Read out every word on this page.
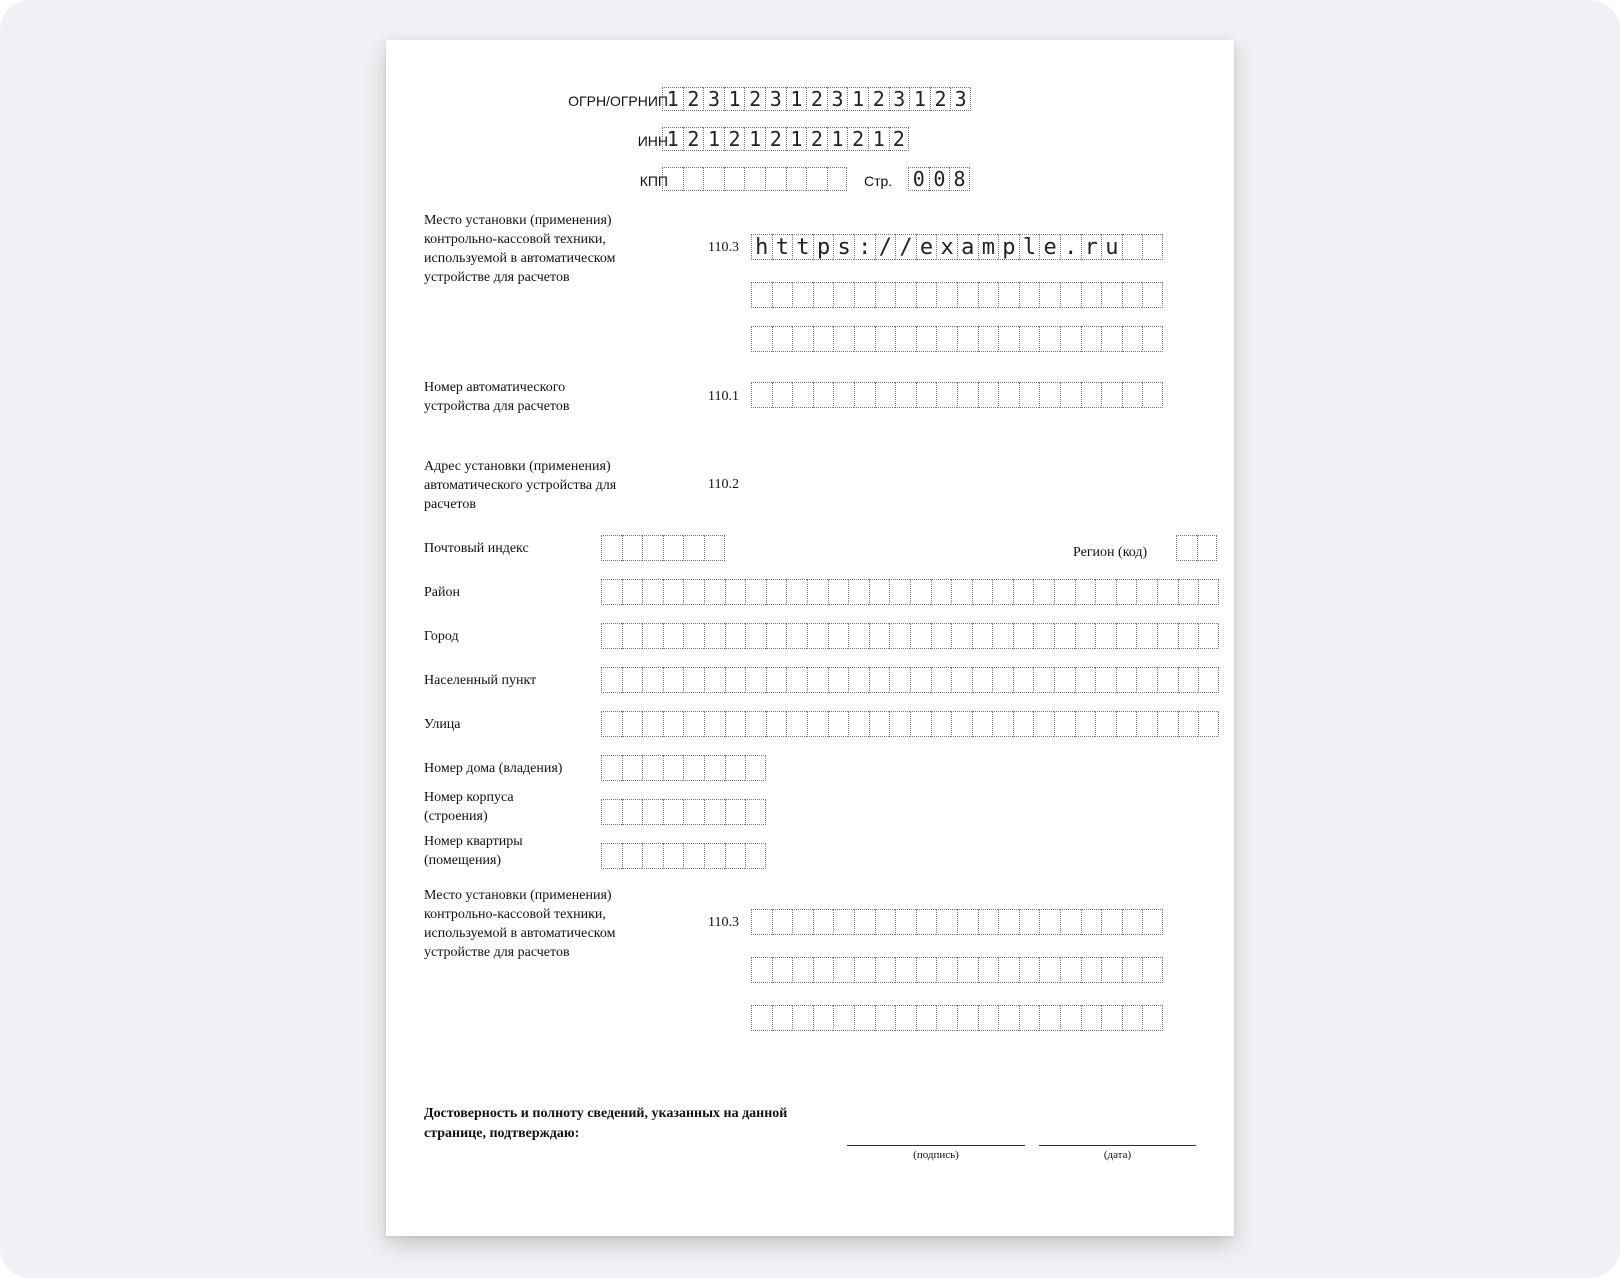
ОГРН/ОГРНИП
1 2 3 1 2 3 1 2 3 1 2 3 1 2 3
ИНН
1 2 1 2 1 2 1 2 1 2 1 2
КПП	Стр. 0 0 8
Место установки (применения) контрольно-кассовой техники, используемой в автоматическом устройстве для расчетов
110.3 h t t p s : / / e x a m p l e . r u
Номер автоматического устройства для расчетов
110.1
Адрес установки (применения) автоматического устройства для расчетов
110.2
Почтовый индекс	Регион (код)
Район
Город
Населенный пункт
Улица
Номер дома (владения)
Номер корпуса (строения)
Номер квартиры (помещения)
Место установки (применения) контрольно-кассовой техники, используемой в автоматическом устройстве для расчетов
110.3
Достоверность и полноту сведений, указанных на данной странице, подтверждаю:
(подпись)	(дата)
